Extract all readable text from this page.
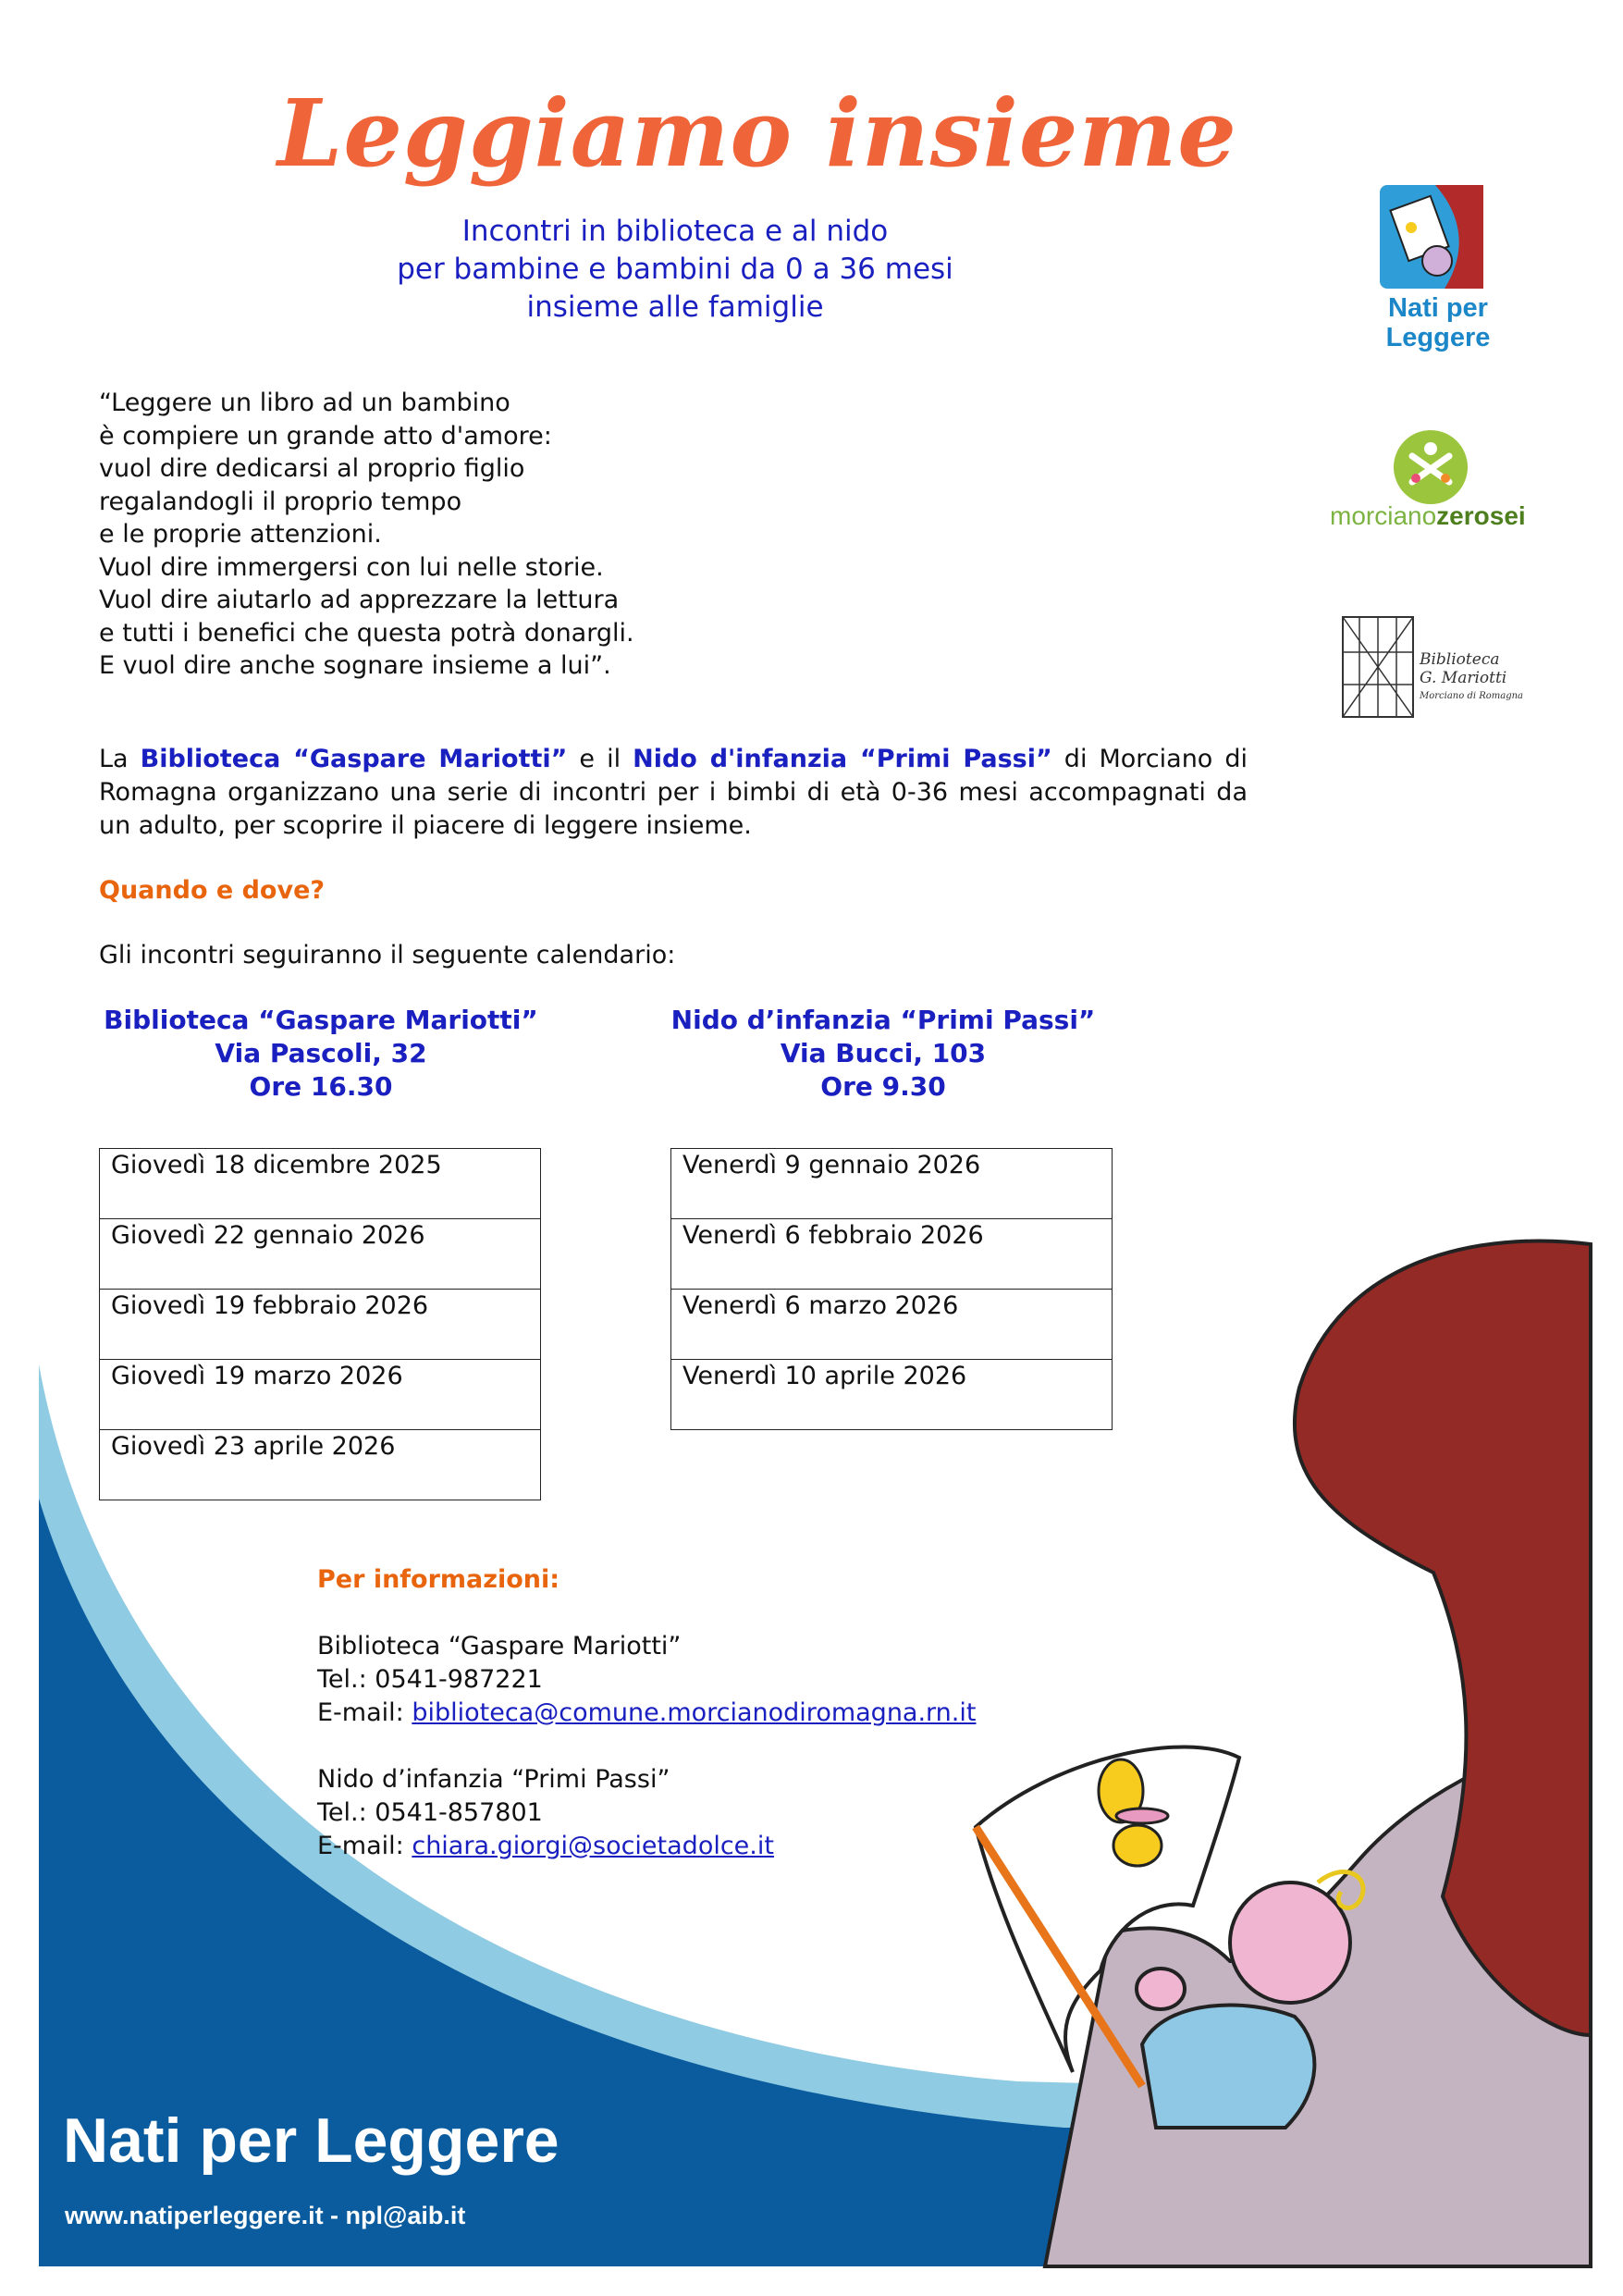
Leggiamo insieme
Incontri in biblioteca e al nido
per bambine e bambini da 0 a 36 mesi
insieme alle famiglie	Nati per
Leggere
morcianozerosei
Biblioteca
G. Mariotti
Morciano di Romagna
“Leggere un libro ad un bambino
è compiere un grande atto d'amore:
vuol dire dedicarsi al proprio figlio
regalandogli il proprio tempo
e le proprie attenzioni.
Vuol dire immergersi con lui nelle storie.
Vuol dire aiutarlo ad apprezzare la lettura
e tutti i benefici che questa potrà donargli.
E vuol dire anche sognare insieme a lui”.
La Biblioteca “Gaspare Mariotti” e il Nido d'infanzia “Primi Passi” di Morciano di Romagna organizzano una serie di incontri per i bimbi di età 0-36 mesi accompagnati da un adulto, per scoprire il piacere di leggere insieme.
Quando e dove?
Gli incontri seguiranno il seguente calendario:
Biblioteca “Gaspare Mariotti”
Via Pascoli, 32
Ore 16.30
Nido d’infanzia “Primi Passi”
Via Bucci, 103
Ore 9.30
Giovedì 18 dicembre 2025
Giovedì 22 gennaio 2026
Giovedì 19 febbraio 2026
Giovedì 19 marzo 2026
Giovedì 23 aprile 2026
Venerdì 9 gennaio 2026
Venerdì 6 febbraio 2026
Venerdì 6 marzo 2026
Venerdì 10 aprile 2026
Per informazioni:
Biblioteca “Gaspare Mariotti”
Tel.: 0541-987221
E-mail: biblioteca@comune.morcianodiromagna.rn.it
Nido d’infanzia “Primi Passi”
Tel.: 0541-857801
E-mail: chiara.giorgi@societadolce.it
Nati per Leggere
www.natiperleggere.it - npl@aib.it
